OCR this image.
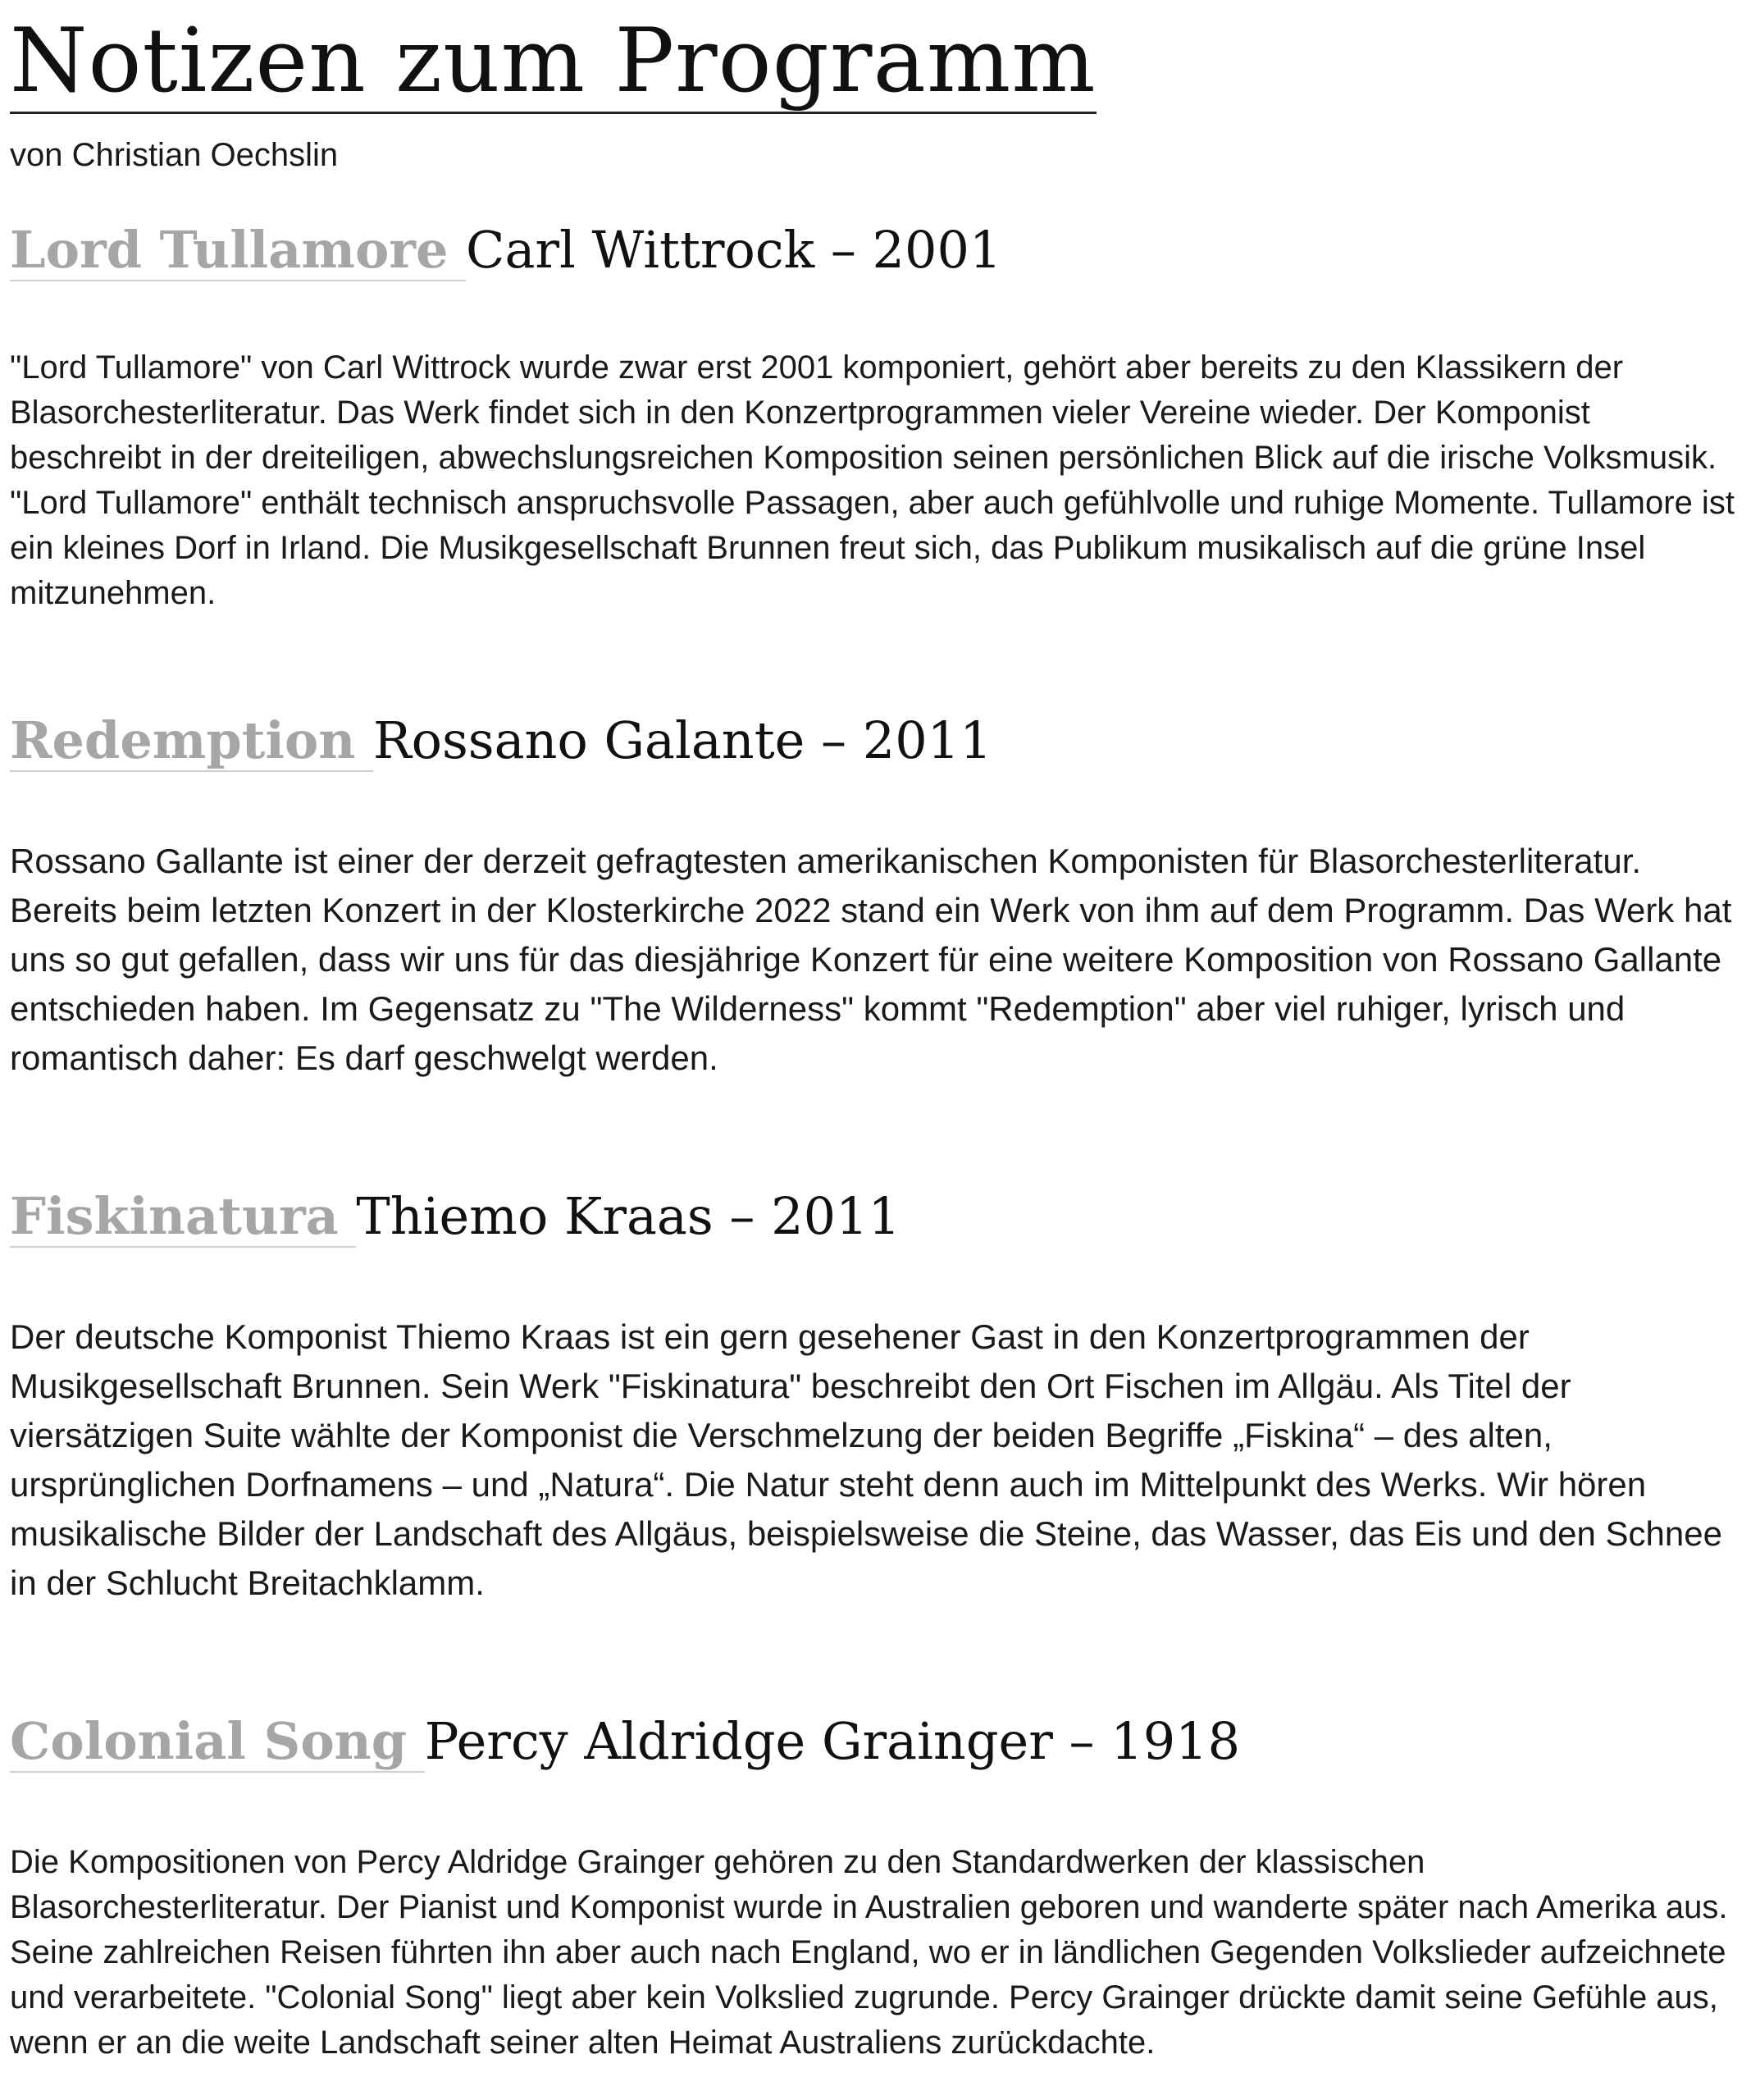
Notizen zum Programm

von Christian Oechslin

Lord Tullamore Carl Wittrock – 2001

"Lord Tullamore" von Carl Wittrock wurde zwar erst 2001 komponiert, gehört aber bereits zu den Klassikern der Blasorchesterliteratur. Das Werk findet sich in den Konzertprogrammen vieler Vereine wieder. Der Komponist beschreibt in der dreiteiligen, abwechslungsreichen Komposition seinen persönlichen Blick auf die irische Volksmusik. "Lord Tullamore" enthält technisch anspruchsvolle Passagen, aber auch gefühlvolle und ruhige Momente. Tullamore ist ein kleines Dorf in Irland. Die Musikgesellschaft Brunnen freut sich, das Publikum musikalisch auf die grüne Insel mitzunehmen.

Redemption Rossano Galante – 2011

Rossano Gallante ist einer der derzeit gefragtesten amerikanischen Komponisten für Blasorchesterliteratur. Bereits beim letzten Konzert in der Klosterkirche 2022 stand ein Werk von ihm auf dem Programm. Das Werk hat uns so gut gefallen, dass wir uns für das diesjährige Konzert für eine weitere Komposition von Rossano Gallante entschieden haben. Im Gegensatz zu "The Wilderness" kommt "Redemption" aber viel ruhiger, lyrisch und romantisch daher: Es darf geschwelgt werden.

Fiskinatura Thiemo Kraas – 2011

Der deutsche Komponist Thiemo Kraas ist ein gern gesehener Gast in den Konzertprogrammen der Musikgesellschaft Brunnen. Sein Werk "Fiskinatura" beschreibt den Ort Fischen im Allgäu. Als Titel der viersätzigen Suite wählte der Komponist die Verschmelzung der beiden Begriffe „Fiskina“ – des alten, ursprünglichen Dorfnamens – und „Natura“. Die Natur steht denn auch im Mittelpunkt des Werks. Wir hören musikalische Bilder der Landschaft des Allgäus, beispielsweise die Steine, das Wasser, das Eis und den Schnee in der Schlucht Breitachklamm.

Colonial Song Percy Aldridge Grainger – 1918

Die Kompositionen von Percy Aldridge Grainger gehören zu den Standardwerken der klassischen Blasorchesterliteratur. Der Pianist und Komponist wurde in Australien geboren und wanderte später nach Amerika aus. Seine zahlreichen Reisen führten ihn aber auch nach England, wo er in ländlichen Gegenden Volkslieder aufzeichnete und verarbeitete. "Colonial Song" liegt aber kein Volkslied zugrunde. Percy Grainger drückte damit seine Gefühle aus, wenn er an die weite Landschaft seiner alten Heimat Australiens zurückdachte.
